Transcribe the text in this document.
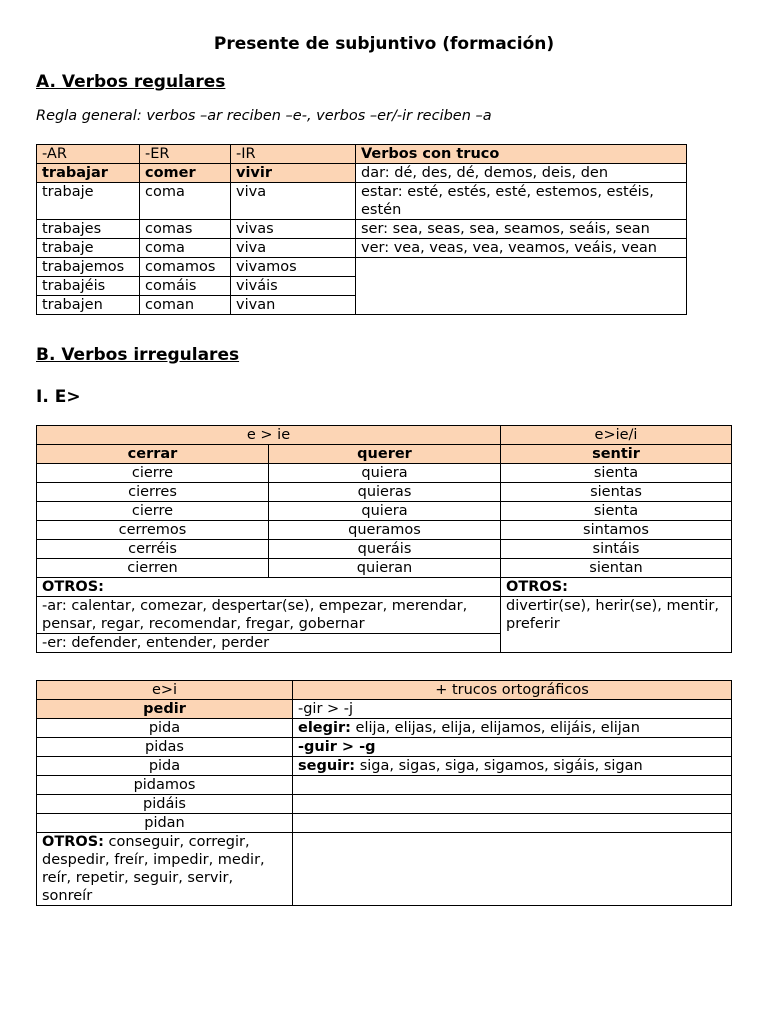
Presente de subjuntivo (formación)
A. Verbos regulares
Regla general: verbos –ar reciben –e-, verbos –er/-ir reciben –a
-AR	-ER	-IR	Verbos con truco
trabajar	comer	vivir	dar: dé, des, dé, demos, deis, den
trabaje	coma	viva	estar: esté, estés, esté, estemos, estéis, estén
trabajes	comas	vivas	ser: sea, seas, sea, seamos, seáis, sean
trabaje	coma	viva	ver: vea, veas, vea, veamos, veáis, vean
trabajemos	comamos	vivamos	
trabajéis	comáis	viváis	
trabajen	coman	vivan	
B. Verbos irregulares
I. E>
e > ie		e>ie/i
cerrar	querer	sentir
cierre	quiera	sienta
cierres	quieras	sientas
cierre	quiera	sienta
cerremos	queramos	sintamos
cerréis	queráis	sintáis
cierren	quieran	sientan
OTROS:		OTROS:
-ar: calentar, comezar, despertar(se), empezar, merendar, pensar, regar, recomendar, fregar, gobernar		divertir(se), herir(se), mentir, preferir
-er: defender, entender, perder		
e>i	+ trucos ortográficos
pedir	-gir > -j
pida	elegir: elija, elijas, elija, elijamos, elijáis, elijan
pidas	-guir > -g
pida	seguir: siga, sigas, siga, sigamos, sigáis, sigan
pidamos	
pidáis	
pidan	
OTROS: conseguir, corregir, despedir, freír, impedir, medir, reír, repetir, seguir, servir, sonreír	
